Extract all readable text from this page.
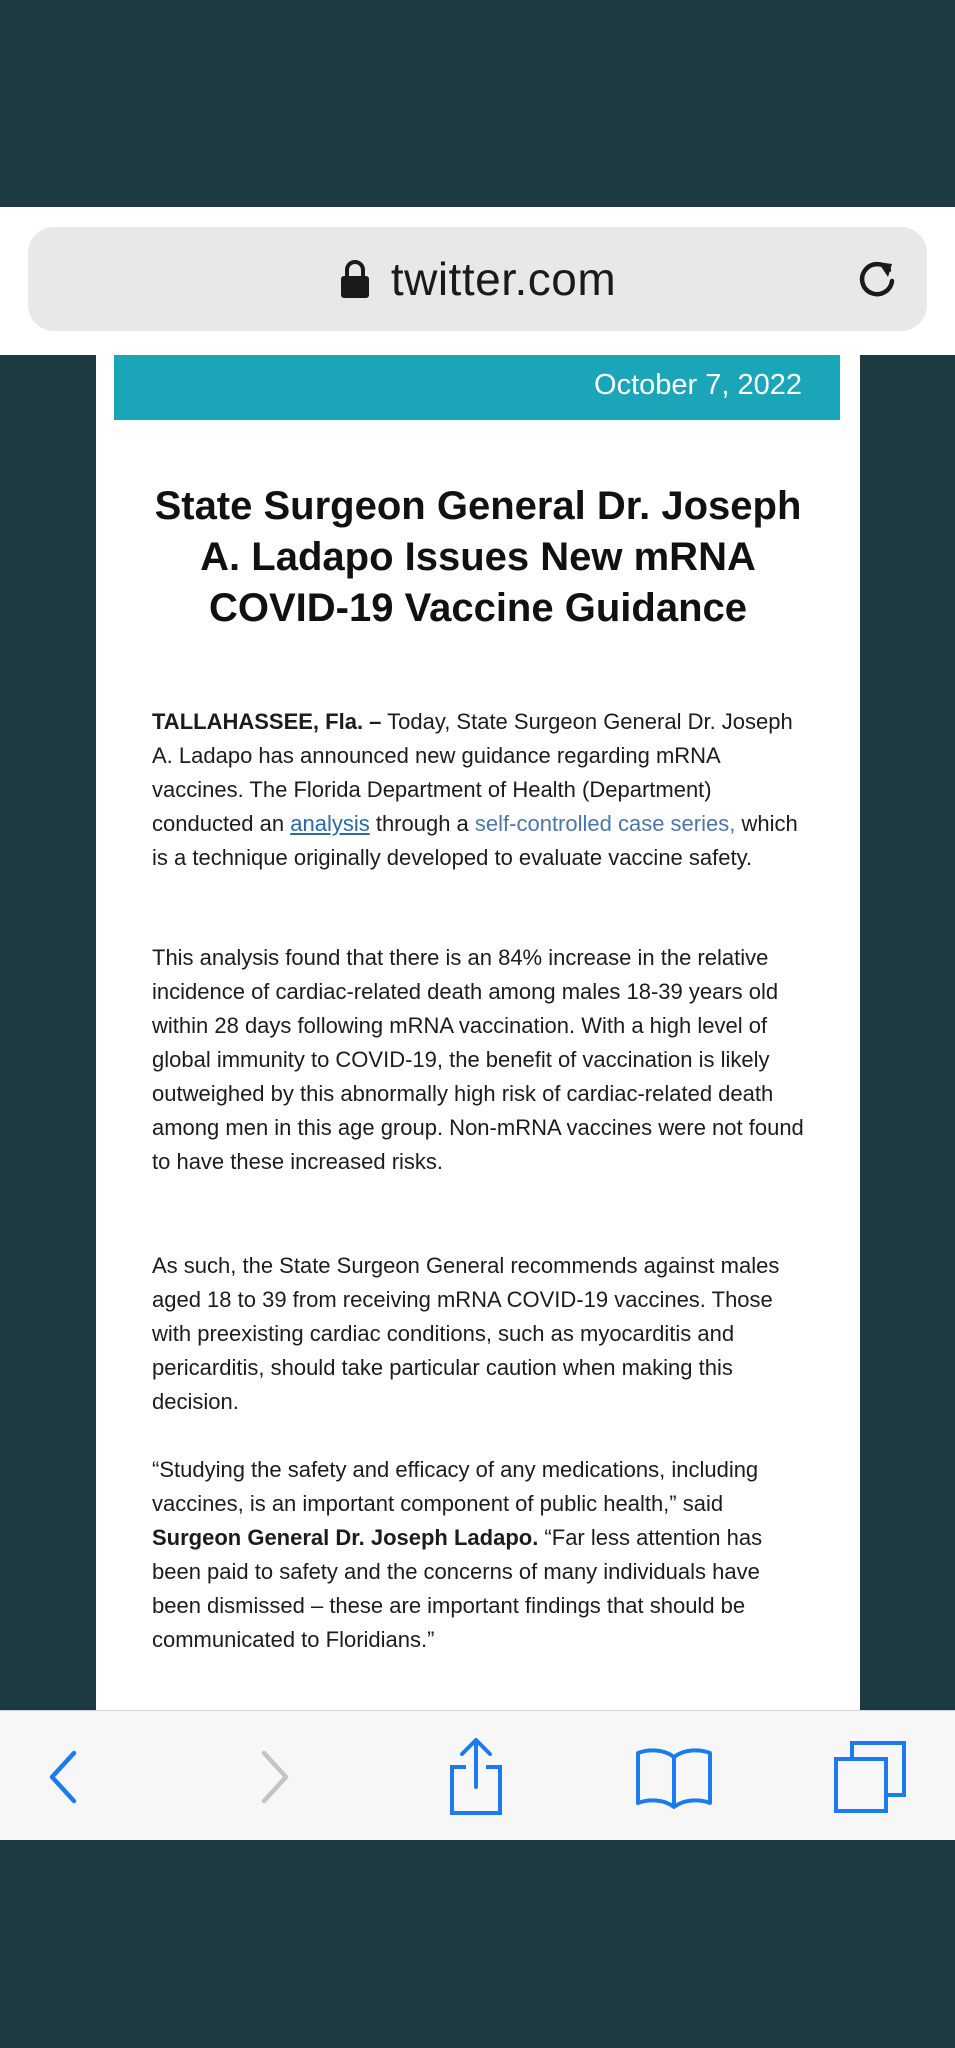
twitter.com
October 7, 2022
State Surgeon General Dr. Joseph A. Ladapo Issues New mRNA COVID-19 Vaccine Guidance

TALLAHASSEE, Fla. – Today, State Surgeon General Dr. Joseph A. Ladapo has announced new guidance regarding mRNA vaccines. The Florida Department of Health (Department) conducted an analysis through a self-controlled case series, which is a technique originally developed to evaluate vaccine safety.

This analysis found that there is an 84% increase in the relative incidence of cardiac-related death among males 18-39 years old within 28 days following mRNA vaccination. With a high level of global immunity to COVID-19, the benefit of vaccination is likely outweighed by this abnormally high risk of cardiac-related death among men in this age group. Non-mRNA vaccines were not found to have these increased risks.

As such, the State Surgeon General recommends against males aged 18 to 39 from receiving mRNA COVID-19 vaccines. Those with preexisting cardiac conditions, such as myocarditis and pericarditis, should take particular caution when making this decision.

“Studying the safety and efficacy of any medications, including vaccines, is an important component of public health,” said Surgeon General Dr. Joseph Ladapo. “Far less attention has been paid to safety and the concerns of many individuals have been dismissed – these are important findings that should be communicated to Floridians.”
